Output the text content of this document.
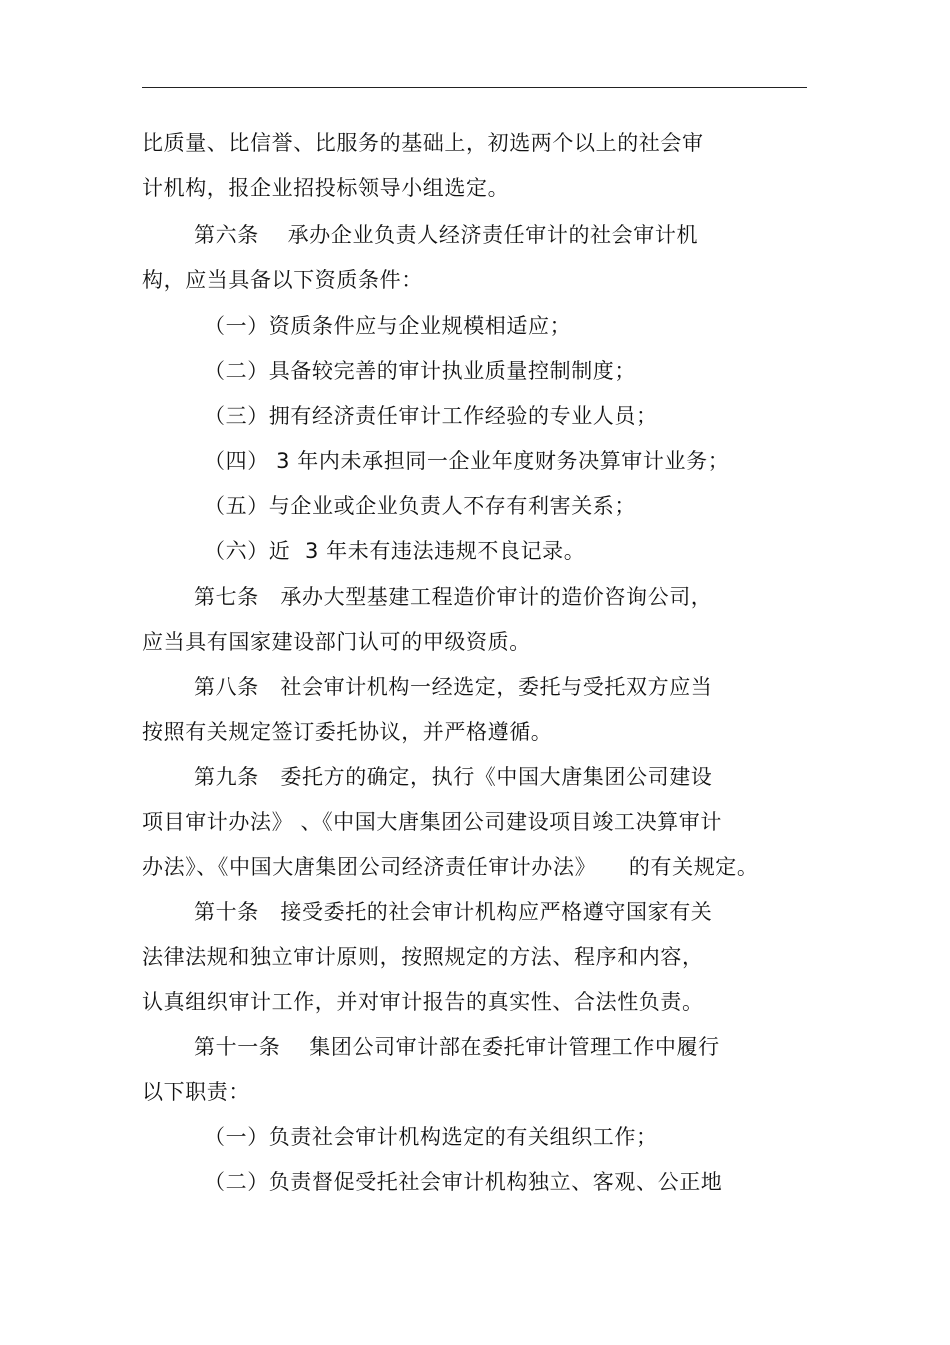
比质量、比信誉、比服务的基础上，初选两个以上的社会审
计机构，报企业招投标领导小组选定。
第六条　 承办企业负责人经济责任审计的社会审计机
构，应当具备以下资质条件：
（一）资质条件应与企业规模相适应；
（二）具备较完善的审计执业质量控制制度；
（三）拥有经济责任审计工作经验的专业人员；
（四） 3 年内未承担同一企业年度财务决算审计业务；
（五）与企业或企业负责人不存有利害关系；
（六）近  3 年未有违法违规不良记录。
第七条　承办大型基建工程造价审计的造价咨询公司，
应当具有国家建设部门认可的甲级资质。
第八条　社会审计机构一经选定，委托与受托双方应当
按照有关规定签订委托协议，并严格遵循。
第九条　委托方的确定，执行《中国大唐集团公司建设
项目审计办法》 、《中国大唐集团公司建设项目竣工决算审计
办法》、《中国大唐集团公司经济责任审计办法》　　的有关规定。
第十条　接受委托的社会审计机构应严格遵守国家有关
法律法规和独立审计原则，按照规定的方法、程序和内容，
认真组织审计工作，并对审计报告的真实性、合法性负责。
第十一条　 集团公司审计部在委托审计管理工作中履行
以下职责：
（一）负责社会审计机构选定的有关组织工作；
（二）负责督促受托社会审计机构独立、客观、公正地
